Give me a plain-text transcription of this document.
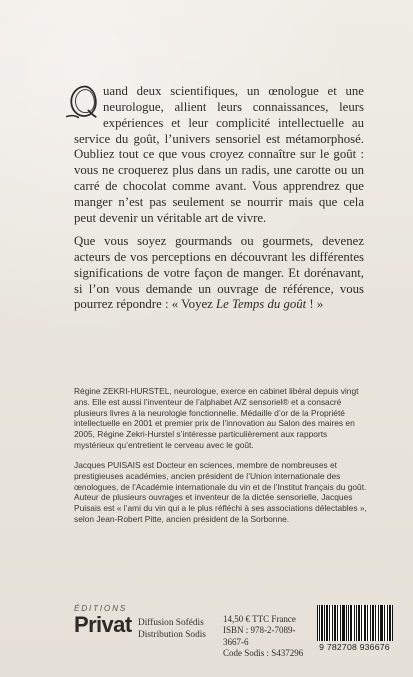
uand deux scientifiques, un œnologue et une neurologue, allient leurs connaissances, leurs expériences et leur complicité intellectuelle au service du goût, l’univers sensoriel est métamorphosé. Oubliez tout ce que vous croyez connaître sur le goût : vous ne croquerez plus dans un radis, une carotte ou un carré de chocolat comme avant. Vous apprendrez que manger n’est pas seulement se nourrir mais que cela peut devenir un véritable art de vivre.

Que vous soyez gourmands ou gourmets, devenez acteurs de vos perceptions en découvrant les différentes significations de votre façon de manger. Et dorénavant, si l’on vous demande un ouvrage de référence, vous pourrez répondre : « Voyez Le Temps du goût ! »

Régine ZEKRI-HURSTEL, neurologue, exerce en cabinet libéral depuis vingt ans. Elle est aussi l’inventeur de l’alphabet A/Z sensoriel® et a consacré plusieurs livres à la neurologie fonctionnelle. Médaille d’or de la Propriété intellectuelle en 2001 et premier prix de l’innovation au Salon des maires en 2005, Régine Zekri-Hurstel s’intéresse particulièrement aux rapports mystérieux qu’entretient le cerveau avec le goût.
Jacques PUISAIS est Docteur en sciences, membre de nombreuses et prestigieuses académies, ancien président de l’Union internationale des œnologues, de l’Académie internationale du vin et de l’Institut français du goût. Auteur de plusieurs ouvrages et inventeur de la dictée sensorielle, Jacques Puisais est « l’ami du vin qui a le plus réfléchi à ses associations délectables », selon Jean-Robert Pitte, ancien président de la Sorbonne.
ÉDITIONS
Privat Diffusion Sofédis
Distribution Sodis
14,50 € TTC France
ISBN : 978-2-7089-3667-6
Code Sodis : S437296
9 782708 936676
